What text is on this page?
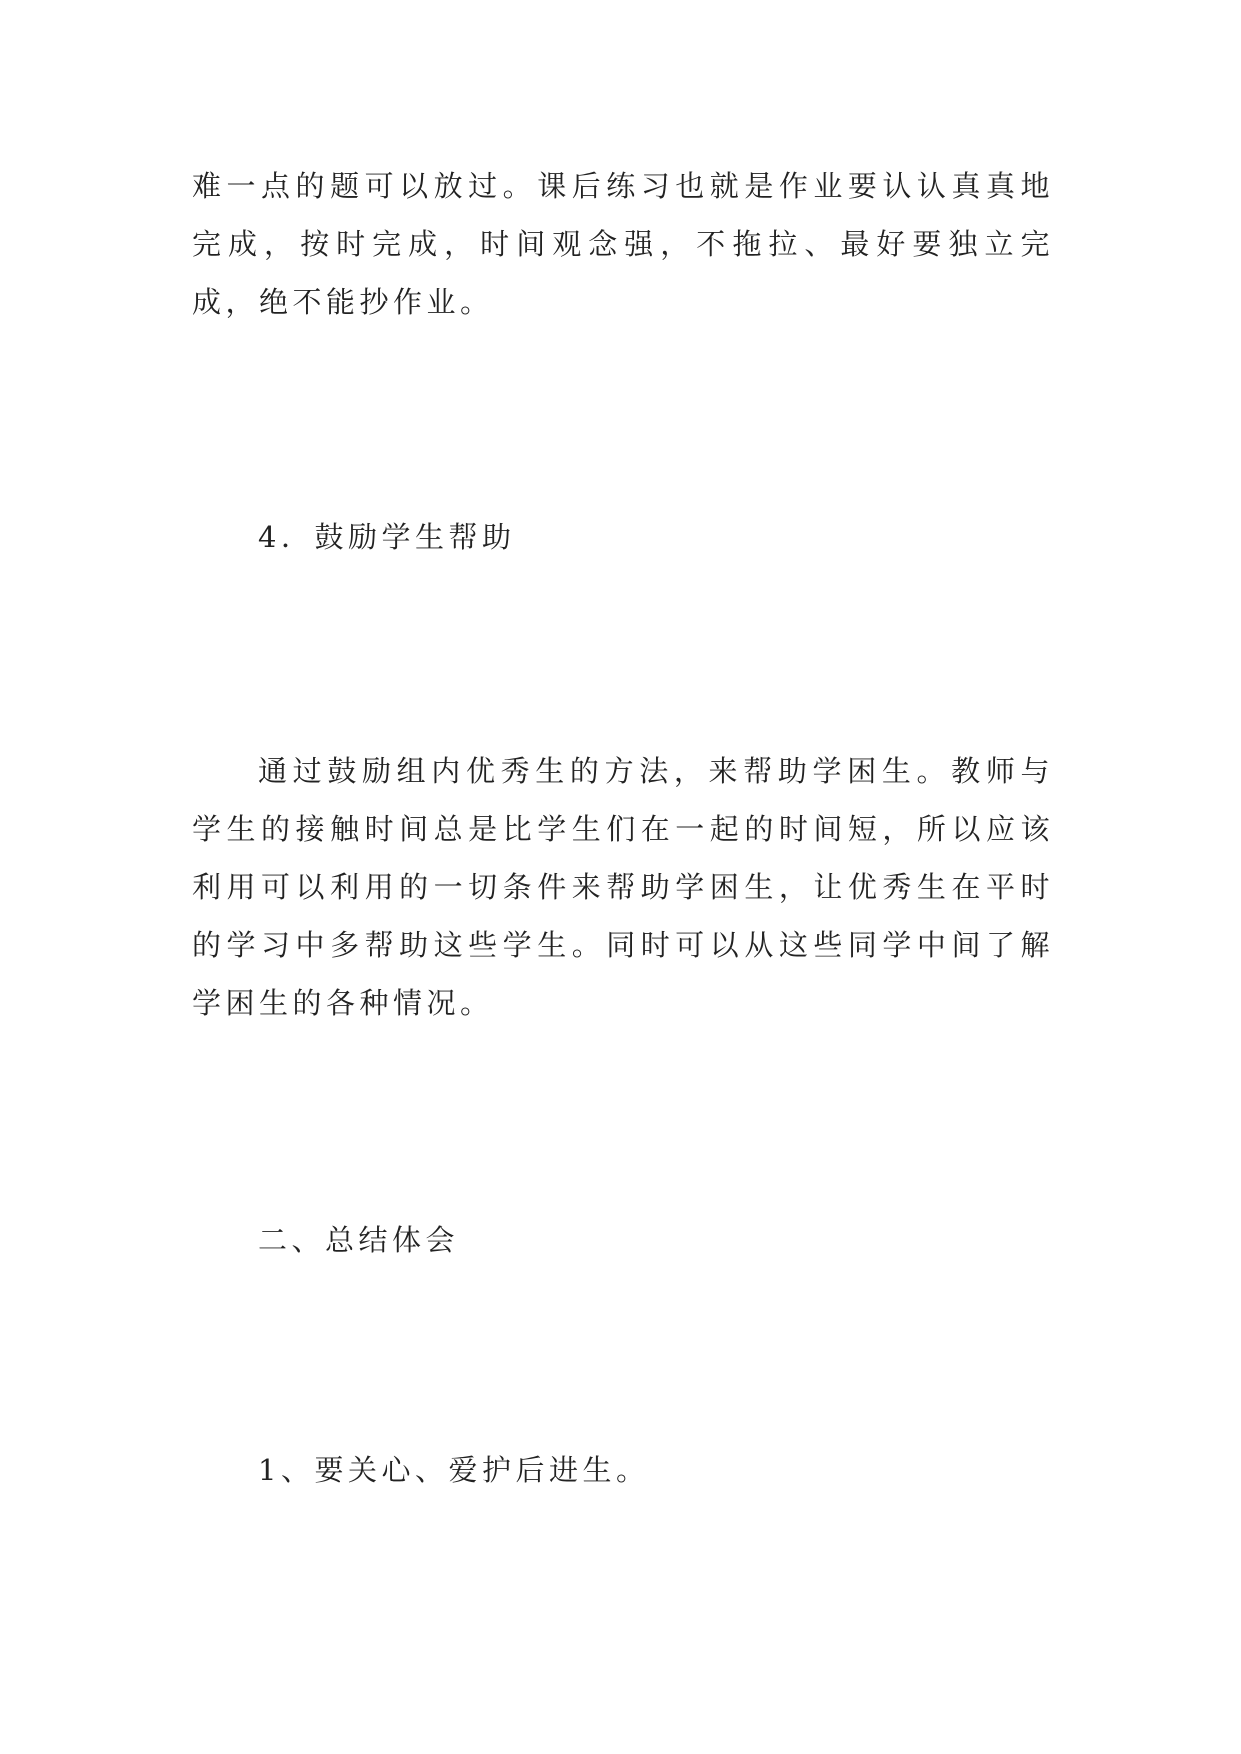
难一点的题可以放过。课后练习也就是作业要认认真真地完成，按时完成，时间观念强，不拖拉、最好要独立完成，绝不能抄作业。

4．鼓励学生帮助

通过鼓励组内优秀生的方法，来帮助学困生。教师与学生的接触时间总是比学生们在一起的时间短，所以应该利用可以利用的一切条件来帮助学困生，让优秀生在平时的学习中多帮助这些学生。同时可以从这些同学中间了解学困生的各种情况。

二、总结体会

1、要关心、爱护后进生。
